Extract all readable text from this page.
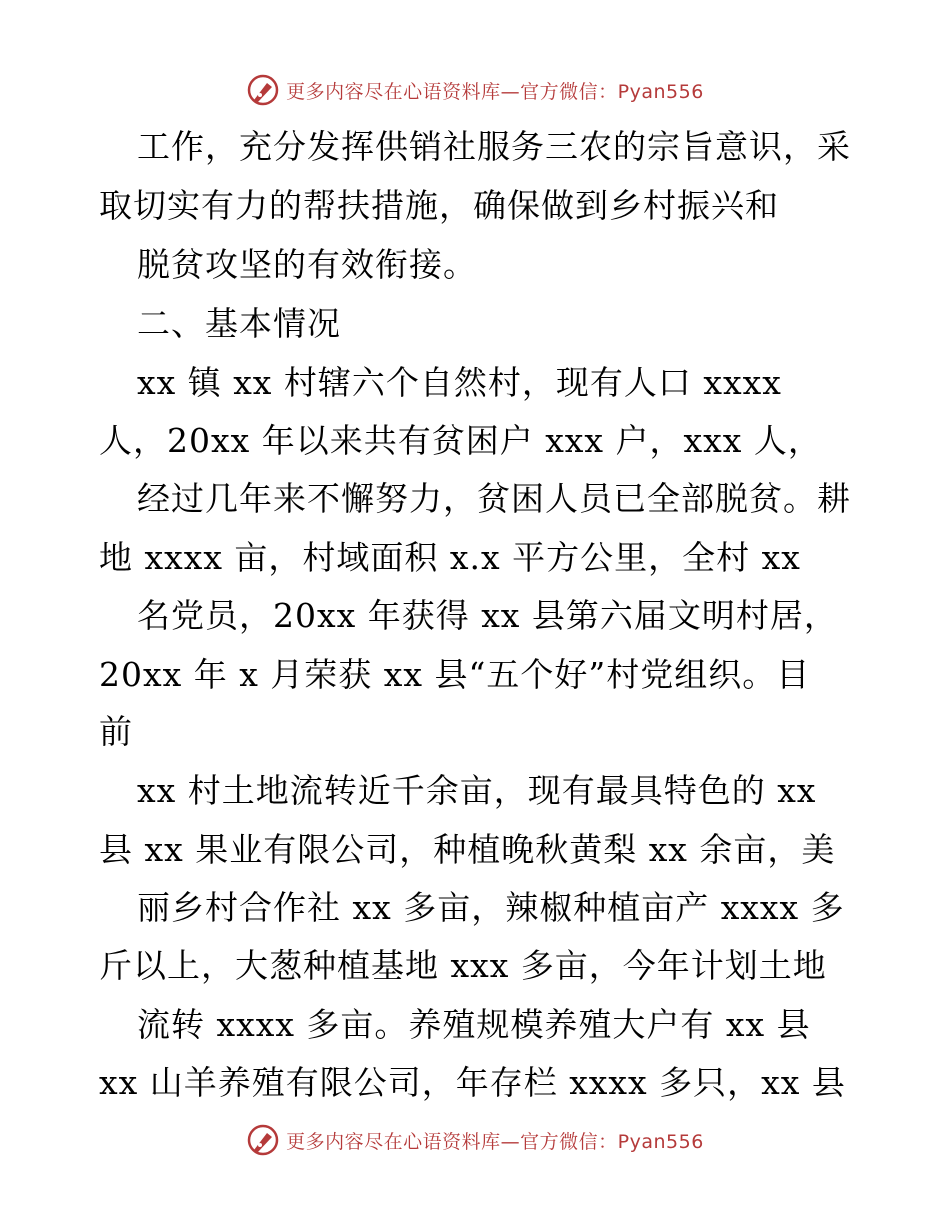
更多内容尽在心语资料库—官方微信：Pyan556
工作，充分发挥供销社服务三农的宗旨意识，采
取切实有力的帮扶措施，确保做到乡村振兴和
脱贫攻坚的有效衔接。
二、基本情况
xx 镇 xx 村辖六个自然村，现有人口 xxxx
人，20xx 年以来共有贫困户 xxx 户，xxx 人，
经过几年来不懈努力，贫困人员已全部脱贫。耕
地 xxxx 亩，村域面积 x.x 平方公里，全村 xx
名党员，20xx 年获得 xx 县第六届文明村居，
20xx 年 x 月荣获 xx 县“五个好”村党组织。目
前
xx 村土地流转近千余亩，现有最具特色的 xx
县 xx 果业有限公司，种植晚秋黄梨 xx 余亩，美
丽乡村合作社 xx 多亩，辣椒种植亩产 xxxx 多
斤以上，大葱种植基地 xxx 多亩，今年计划土地
流转 xxxx 多亩。养殖规模养殖大户有 xx 县
xx 山羊养殖有限公司，年存栏 xxxx 多只，xx 县
更多内容尽在心语资料库—官方微信：Pyan556
